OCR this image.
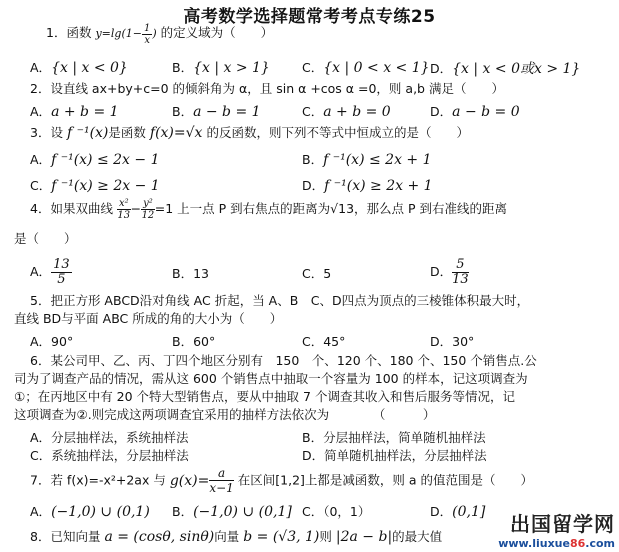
高考数学选择题常考考点专练25
1．函数 $y=\lg(1- \frac{1}{x}$ ) 的定义域为（　　）
A．{x | x < 0}	B．{x | x > 1}	C．{x | 0 < x < 1} D．{x | x < 0或x > 1}
2．设直线 ax+by+c=0 的倾斜角为 α，且 sin α +cos α =0，则 a,b 满足（　　）
A．a + b = 1	B．a − b = 1	C．a + b = 0	D．a − b = 0
3．设 f ⁻¹(x)是函数 f(x)=√x 的反函数，则下列不等式中恒成立的是（　　）
A．f ⁻¹(x) ≤ 2x − 1	B．f ⁻¹(x) ≤ 2x + 1
C．f ⁻¹(x) ≥ 2x − 1	D．f ⁻¹(x) ≥ 2x + 1
4．如果双曲线 $\frac{\text{x²}}{13} - \frac{\text{y²}}{12} =1$ 上一点 P 到右焦点的距离为√13，那么点 P 到右准线的距离
是（　　）
A． $\frac{13}{5}$	B．13	C．5	D． $\frac{5}{13}$
5．把正方形 ABCD沿对角线 AC 折起，当 A、B　C、D四点为顶点的三棱锥体积最大时，
直线 BD与平面 ABC 所成的角的大小为（　　）
A．90°	B．60°	C．45°	D．30°
6．某公司甲、乙、丙、丁四个地区分别有　150　个、120 个、180 个、150 个销售点.公
司为了调查产品的情况，需从这 600 个销售点中抽取一个容量为 100 的样本，记这项调查为
①；在丙地区中有 20 个特大型销售点，要从中抽取 7 个调查其收入和售后服务等情况，记
这项调查为②.则完成这两项调查宜采用的抽样方法依次为　　　　（　　　）
A．分层抽样法，系统抽样法	B．分层抽样法，简单随机抽样法
C．系统抽样法，分层抽样法	D．简单随机抽样法，分层抽样法
7．若 f(x)=-x²+2ax 与 $g(x)= \frac{a}{x-1}$ 在区间[1,2]上都是减函数，则 a 的值范围是（　　）
A．(−1,0) ∪ (0,1) B．(−1,0) ∪ (0,1] C．（0，1）	D．(0,1]
8．已知向量 a = (cosθ, sinθ)向量 b = (√3, 1)则 |2a − b|的最大值
出国留学网
www.liuxue86.com
